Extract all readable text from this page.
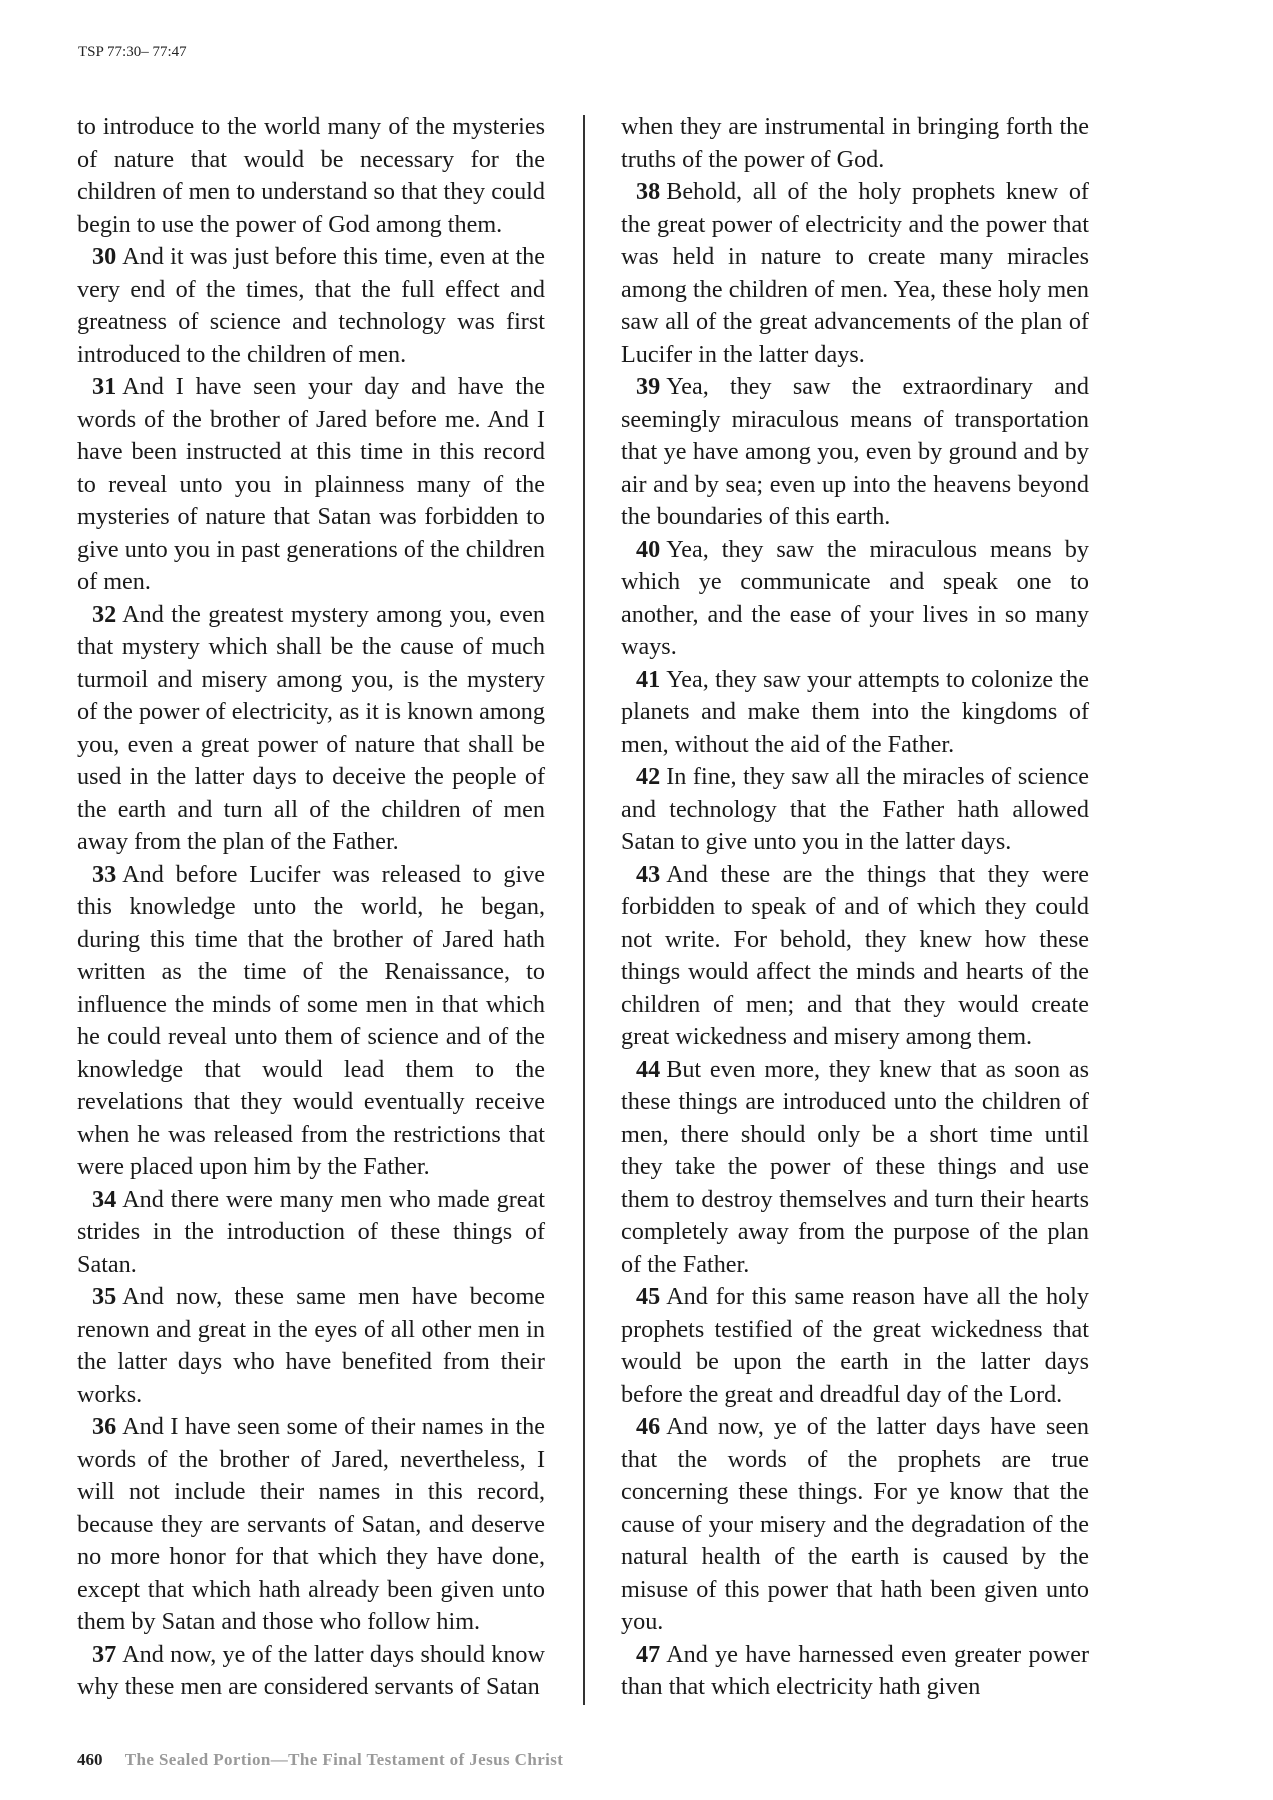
TSP 77:30– 77:47

to introduce to the world many of the mysteries of nature that would be necessary for the children of men to understand so that they could begin to use the power of God among them.

30 And it was just before this time, even at the very end of the times, that the full effect and greatness of science and technology was first introduced to the children of men.

31 And I have seen your day and have the words of the brother of Jared before me. And I have been instructed at this time in this record to reveal unto you in plainness many of the mysteries of nature that Satan was forbidden to give unto you in past generations of the children of men.

32 And the greatest mystery among you, even that mystery which shall be the cause of much turmoil and misery among you, is the mystery of the power of electricity, as it is known among you, even a great power of nature that shall be used in the latter days to deceive the people of the earth and turn all of the children of men away from the plan of the Father.

33 And before Lucifer was released to give this knowledge unto the world, he began, during this time that the brother of Jared hath written as the time of the Renaissance, to influence the minds of some men in that which he could reveal unto them of science and of the knowledge that would lead them to the revelations that they would eventually receive when he was released from the restrictions that were placed upon him by the Father.

34 And there were many men who made great strides in the introduction of these things of Satan.

35 And now, these same men have become renown and great in the eyes of all other men in the latter days who have benefited from their works.

36 And I have seen some of their names in the words of the brother of Jared, nevertheless, I will not include their names in this record, because they are servants of Satan, and deserve no more honor for that which they have done, except that which hath already been given unto them by Satan and those who follow him.

37 And now, ye of the latter days should know why these men are considered servants of Satan

when they are instrumental in bringing forth the truths of the power of God.

38 Behold, all of the holy prophets knew of the great power of electricity and the power that was held in nature to create many miracles among the children of men. Yea, these holy men saw all of the great advancements of the plan of Lucifer in the latter days.

39 Yea, they saw the extraordinary and seemingly miraculous means of transportation that ye have among you, even by ground and by air and by sea; even up into the heavens beyond the boundaries of this earth.

40 Yea, they saw the miraculous means by which ye communicate and speak one to another, and the ease of your lives in so many ways.

41 Yea, they saw your attempts to colonize the planets and make them into the kingdoms of men, without the aid of the Father.

42 In fine, they saw all the miracles of science and technology that the Father hath allowed Satan to give unto you in the latter days.

43 And these are the things that they were forbidden to speak of and of which they could not write. For behold, they knew how these things would affect the minds and hearts of the children of men; and that they would create great wickedness and misery among them.

44 But even more, they knew that as soon as these things are introduced unto the children of men, there should only be a short time until they take the power of these things and use them to destroy themselves and turn their hearts completely away from the purpose of the plan of the Father.

45 And for this same reason have all the holy prophets testified of the great wickedness that would be upon the earth in the latter days before the great and dreadful day of the Lord.

46 And now, ye of the latter days have seen that the words of the prophets are true concerning these things. For ye know that the cause of your misery and the degradation of the natural health of the earth is caused by the misuse of this power that hath been given unto you.

47 And ye have harnessed even greater power than that which electricity hath given

460 The Sealed Portion—The Final Testament of Jesus Christ
